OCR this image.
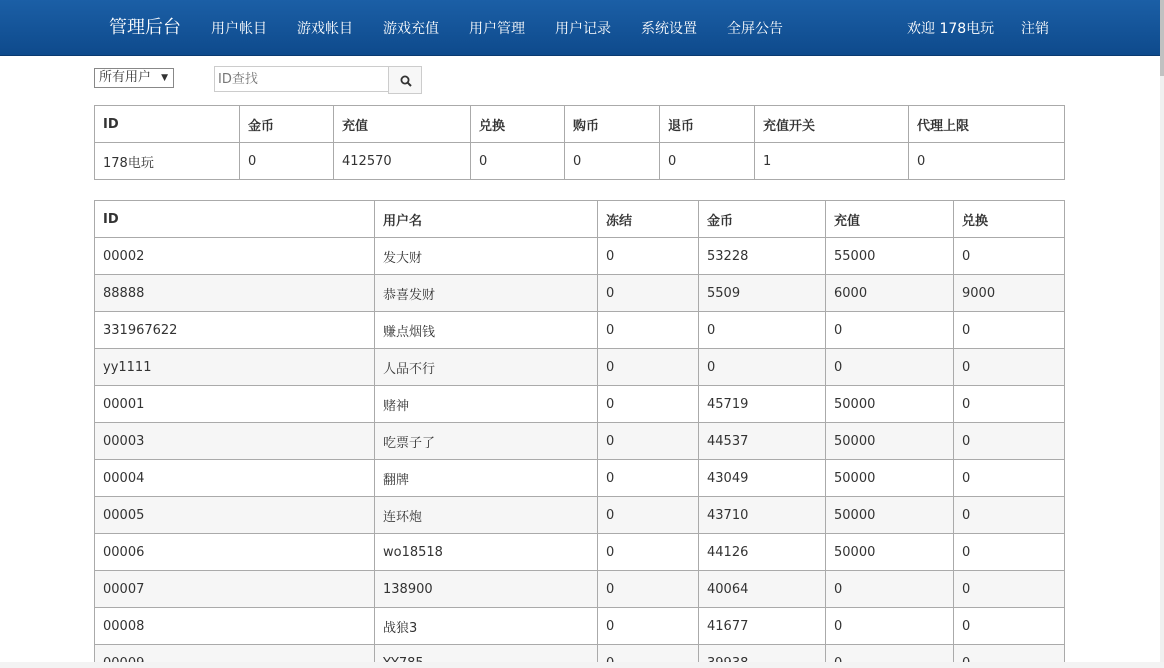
管理后台 用户帐目 游戏帐目 游戏充值 用户管理 用户记录 系统设置 全屏公告	欢迎 178电玩 注销
所有用户 ▼
ID查找
ID	金币	充值	兑换	购币	退币	充值开关	代理上限
178电玩	0	412570	0	0	0	1	0
ID	用户名	冻结	金币	充值	兑换
00002	发大财	0	53228	55000	0
88888	恭喜发财	0	5509	6000	9000
331967622	赚点烟钱	0	0	0	0
yy1111	人品不行	0	0	0	0
00001	赌神	0	45719	50000	0
00003	吃票子了	0	44537	50000	0
00004	翻牌	0	43049	50000	0
00005	连环炮	0	43710	50000	0
00006	wo18518	0	44126	50000	0
00007	138900	0	40064	0	0
00008	战狼3	0	41677	0	0
